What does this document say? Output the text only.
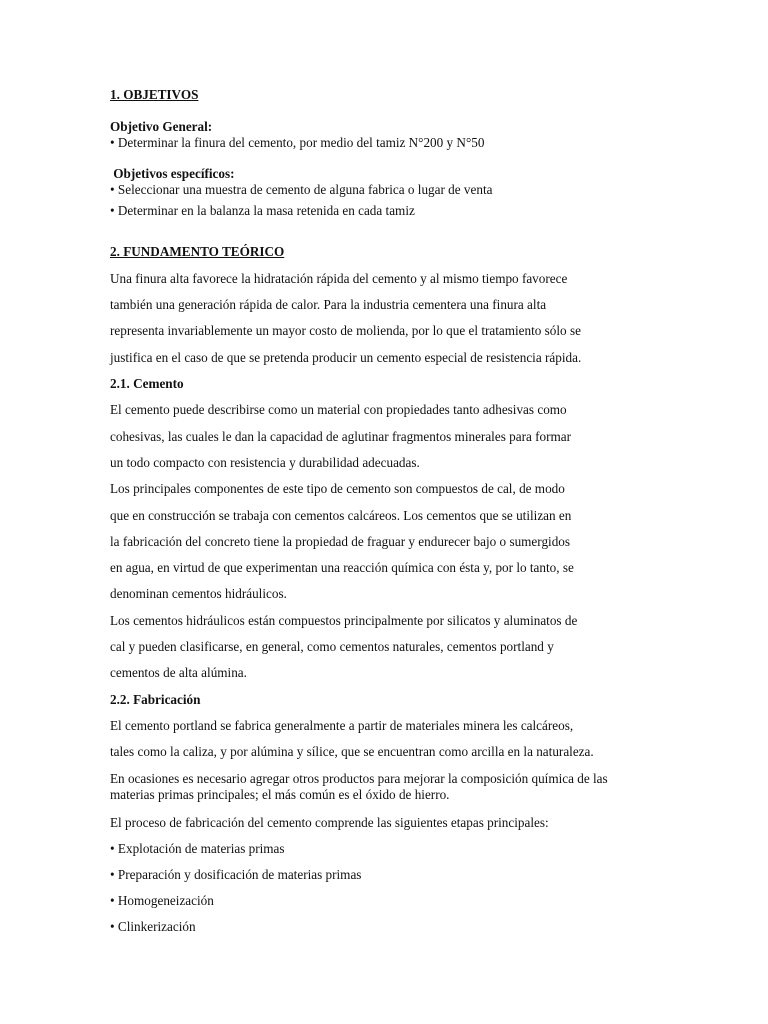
1. OBJETIVOS
Objetivo General:
• Determinar la finura del cemento, por medio del tamiz N°200 y N°50
Objetivos específicos:
• Seleccionar una muestra de cemento de alguna fabrica o lugar de venta
• Determinar en la balanza la masa retenida en cada tamiz
2. FUNDAMENTO TEÓRICO
Una finura alta favorece la hidratación rápida del cemento y al mismo tiempo favorece
también una generación rápida de calor. Para la industria cementera una finura alta
representa invariablemente un mayor costo de molienda, por lo que el tratamiento sólo se
justifica en el caso de que se pretenda producir un cemento especial de resistencia rápida.
2.1. Cemento
El cemento puede describirse como un material con propiedades tanto adhesivas como
cohesivas, las cuales le dan la capacidad de aglutinar fragmentos minerales para formar
un todo compacto con resistencia y durabilidad adecuadas.
Los principales componentes de este tipo de cemento son compuestos de cal, de modo
que en construcción se trabaja con cementos calcáreos. Los cementos que se utilizan en
la fabricación del concreto tiene la propiedad de fraguar y endurecer bajo o sumergidos
en agua, en virtud de que experimentan una reacción química con ésta y, por lo tanto, se
denominan cementos hidráulicos.
Los cementos hidráulicos están compuestos principalmente por silicatos y aluminatos de
cal y pueden clasificarse, en general, como cementos naturales, cementos portland y
cementos de alta alúmina.
2.2. Fabricación
El cemento portland se fabrica generalmente a partir de materiales minera les calcáreos,
tales como la caliza, y por alúmina y sílice, que se encuentran como arcilla en la naturaleza.
En ocasiones es necesario agregar otros productos para mejorar la composición química de las materias primas principales; el más común es el óxido de hierro.
El proceso de fabricación del cemento comprende las siguientes etapas principales:
• Explotación de materias primas
• Preparación y dosificación de materias primas
• Homogeneización
• Clinkerización
